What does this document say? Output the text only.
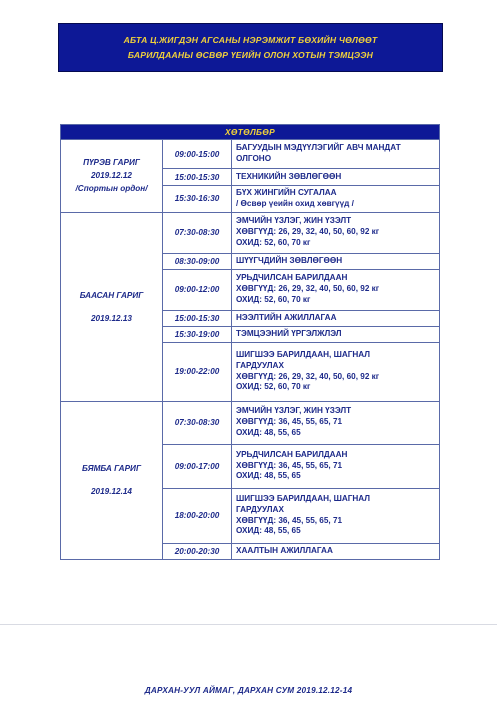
АБТА Ц.ЖИГДЭН АГСАНЫ НЭРЭМЖИТ БӨХИЙН ЧӨЛӨӨТ
БАРИЛДААНЫ ӨСВӨР ҮЕИЙН ОЛОН ХОТЫН ТЭМЦЭЭН
ХӨТӨЛБӨР		

ПҮРЭВ ГАРИГ
2019.12.12
/Спортын ордон/	09:00-15:00	БАГУУДЫН МЭДҮҮЛЭГИЙГ АВЧ МАНДАТ
ОЛГОНО

	15:00-15:30	ТЕХНИКИЙН ЗӨВЛӨГӨӨН

	15:30-16:30	БҮХ ЖИНГИЙН СУГАЛАА
/ Өсвөр үеийн охид хөвгүүд /

БААСАН ГАРИГ
2019.12.13	07:30-08:30	ЭМЧИЙН ҮЗЛЭГ, ЖИН ҮЗЭЛТ
ХӨВГҮҮД: 26, 29, 32, 40, 50, 60, 92 кг
ОХИД: 52, 60, 70 кг

	08:30-09:00	ШҮҮГЧДИЙН ЗӨВЛӨГӨӨН

	09:00-12:00	УРЬДЧИЛСАН БАРИЛДААН
ХӨВГҮҮД: 26, 29, 32, 40, 50, 60, 92 кг
ОХИД: 52, 60, 70 кг

	15:00-15:30	НЭЭЛТИЙН АЖИЛЛАГАА

	15:30-19:00	ТЭМЦЭЭНИЙ ҮРГЭЛЖЛЭЛ

	19:00-22:00	ШИГШЭЭ БАРИЛДААН, ШАГНАЛ
ГАРДУУЛАХ
ХӨВГҮҮД: 26, 29, 32, 40, 50, 60, 92 кг
ОХИД: 52, 60, 70 кг

БЯМБА ГАРИГ
2019.12.14	07:30-08:30	ЭМЧИЙН ҮЗЛЭГ, ЖИН ҮЗЭЛТ
ХӨВГҮҮД: 36, 45, 55, 65, 71
ОХИД: 48, 55, 65

	09:00-17:00	УРЬДЧИЛСАН БАРИЛДААН
ХӨВГҮҮД: 36, 45, 55, 65, 71
ОХИД: 48, 55, 65

	18:00-20:00	ШИГШЭЭ БАРИЛДААН, ШАГНАЛ
ГАРДУУЛАХ
ХӨВГҮҮД: 36, 45, 55, 65, 71
ОХИД: 48, 55, 65

	20:00-20:30	ХААЛТЫН АЖИЛЛАГАА
ДАРХАН-УУЛ АЙМАГ, ДАРХАН СУМ 2019.12.12-14
